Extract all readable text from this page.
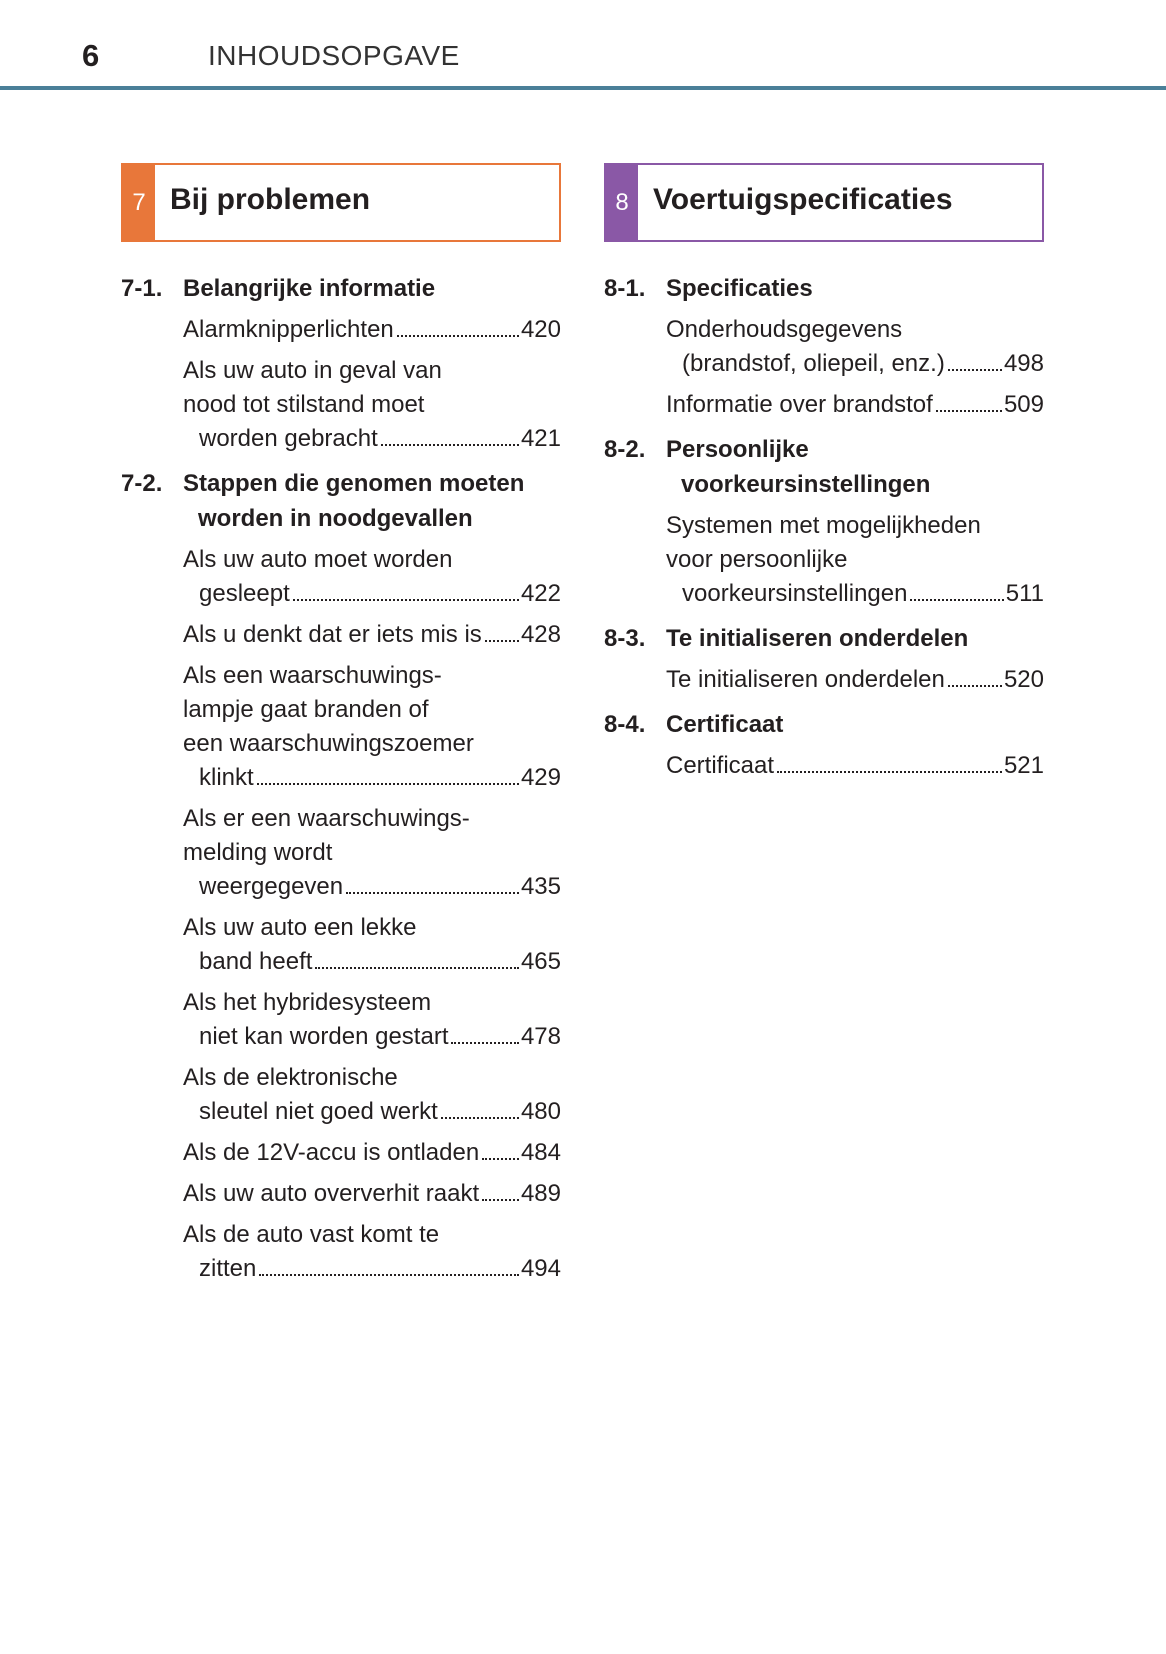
6	INHOUDSOPGAVE
7 Bij problemen
7-1. Belangrijke informatie
Alarmknipperlichten	420
Als uw auto in geval van
nood tot stilstand moet
worden gebracht	421
7-2. Stappen die genomen moeten worden in noodgevallen
Als uw auto moet worden
gesleept	422
Als u denkt dat er iets mis is 428
Als een waarschuwings-
lampje gaat branden of
een waarschuwingszoemer
klinkt	429
Als er een waarschuwings-
melding wordt
weergegeven	435
Als uw auto een lekke
band heeft	465
Als het hybridesysteem
niet kan worden gestart	478
Als de elektronische
sleutel niet goed werkt	480
Als de 12V-accu is ontladen 484
Als uw auto oververhit raakt 489
Als de auto vast komt te
zitten	494
8 Voertuigspecificaties
8-1. Specificaties
Onderhoudsgegevens
(brandstof, oliepeil, enz.) 498
Informatie over brandstof	509
8-2. Persoonlijke voorkeursinstellingen
Systemen met mogelijkheden
voor persoonlijke
voorkeursinstellingen	511
8-3. Te initialiseren onderdelen
Te initialiseren onderdelen 520
8-4. Certificaat
Certificaat	521
